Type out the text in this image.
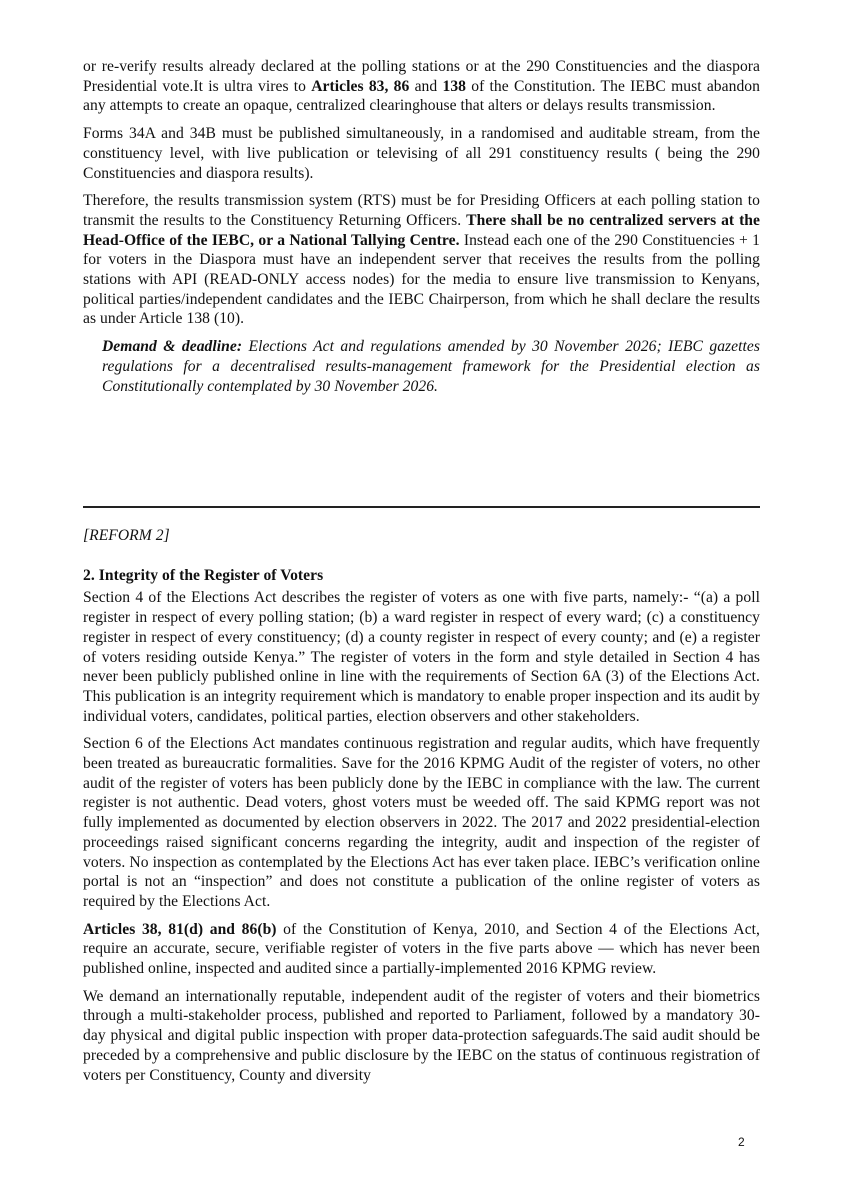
or re-verify results already declared at the polling stations or at the 290 Constituencies and the diaspora Presidential vote.It is ultra vires to Articles 83, 86 and 138 of the Constitution. The IEBC must abandon any attempts to create an opaque, centralized clearinghouse that alters or delays results transmission.

Forms 34A and 34B must be published simultaneously, in a randomised and auditable stream, from the constituency level, with live publication or televising of all 291 constituency results ( being the 290 Constituencies and diaspora results).

Therefore, the results transmission system (RTS) must be for Presiding Officers at each polling station to transmit the results to the Constituency Returning Officers. There shall be no centralized servers at the Head-Office of the IEBC, or a National Tallying Centre. Instead each one of the 290 Constituencies + 1 for voters in the Diaspora must have an independent server that receives the results from the polling stations with API (READ-ONLY access nodes) for the media to ensure live transmission to Kenyans, political parties/independent candidates and the IEBC Chairperson, from which he shall declare the results as under Article 138 (10).

Demand & deadline: Elections Act and regulations amended by 30 November 2026; IEBC gazettes regulations for a decentralised results-management framework for the Presidential election as Constitutionally contemplated by 30 November 2026.

[REFORM 2]

2. Integrity of the Register of Voters

Section 4 of the Elections Act describes the register of voters as one with five parts, namely:- “(a) a poll register in respect of every polling station; (b) a ward register in respect of every ward; (c) a constituency register in respect of every constituency; (d) a county register in respect of every county; and (e) a register of voters residing outside Kenya.” The register of voters in the form and style detailed in Section 4 has never been publicly published online in line with the requirements of Section 6A (3) of the Elections Act. This publication is an integrity requirement which is mandatory to enable proper inspection and its audit by individual voters, candidates, political parties, election observers and other stakeholders.

Section 6 of the Elections Act mandates continuous registration and regular audits, which have frequently been treated as bureaucratic formalities. Save for the 2016 KPMG Audit of the register of voters, no other audit of the register of voters has been publicly done by the IEBC in compliance with the law. The current register is not authentic. Dead voters, ghost voters must be weeded off. The said KPMG report was not fully implemented as documented by election observers in 2022. The 2017 and 2022 presidential-election proceedings raised significant concerns regarding the integrity, audit and inspection of the register of voters. No inspection as contemplated by the Elections Act has ever taken place. IEBC’s verification online portal is not an “inspection” and does not constitute a publication of the online register of voters as required by the Elections Act.

Articles 38, 81(d) and 86(b) of the Constitution of Kenya, 2010, and Section 4 of the Elections Act, require an accurate, secure, verifiable register of voters in the five parts above — which has never been published online, inspected and audited since a partially-implemented 2016 KPMG review.

We demand an internationally reputable, independent audit of the register of voters and their biometrics through a multi-stakeholder process, published and reported to Parliament, followed by a mandatory 30-day physical and digital public inspection with proper data-protection safeguards.The said audit should be preceded by a comprehensive and public disclosure by the IEBC on the status of continuous registration of voters per Constituency, County and diversity

2
